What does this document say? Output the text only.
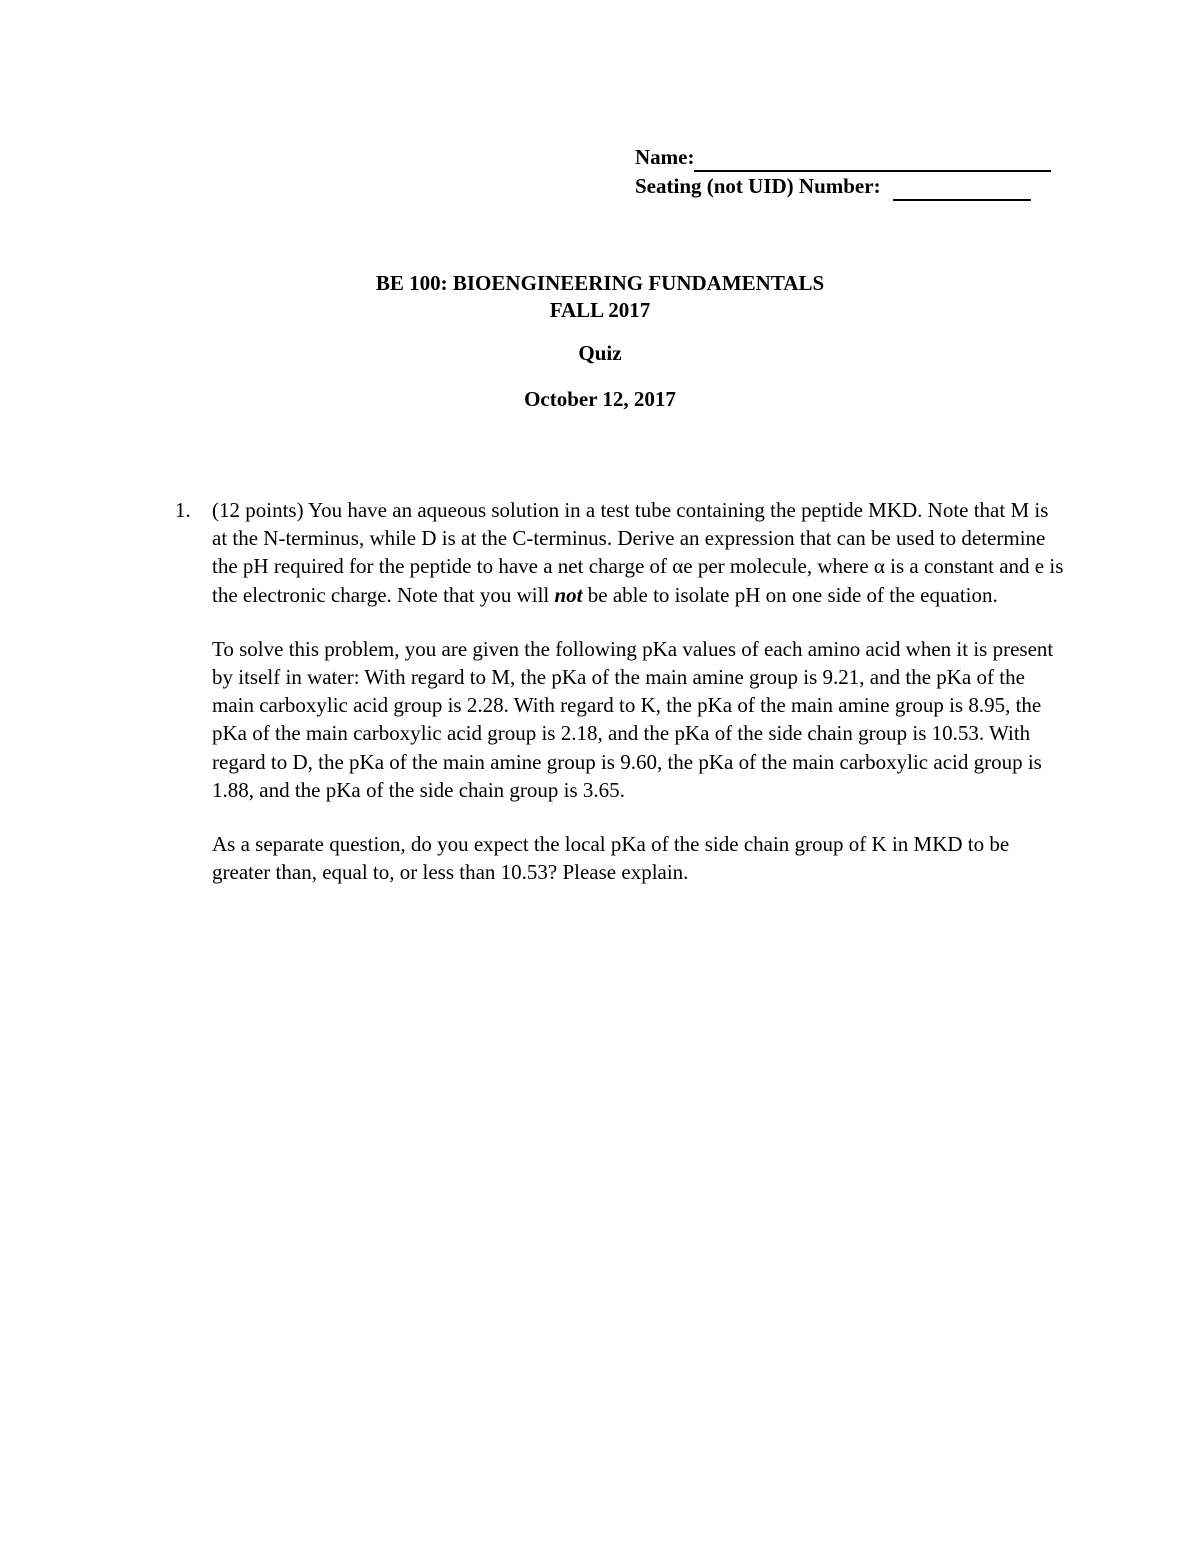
Name:
Seating (not UID) Number:
BE 100: BIOENGINEERING FUNDAMENTALS
FALL 2017
Quiz
October 12, 2017
1.	(12 points) You have an aqueous solution in a test tube containing the peptide MKD. Note that M is at the N-terminus, while D is at the C-terminus. Derive an expression that can be used to determine the pH required for the peptide to have a net charge of αe per molecule, where α is a constant and e is the electronic charge. Note that you will not be able to isolate pH on one side of the equation.

To solve this problem, you are given the following pKa values of each amino acid when it is present by itself in water: With regard to M, the pKa of the main amine group is 9.21, and the pKa of the main carboxylic acid group is 2.28. With regard to K, the pKa of the main amine group is 8.95, the pKa of the main carboxylic acid group is 2.18, and the pKa of the side chain group is 10.53. With regard to D, the pKa of the main amine group is 9.60, the pKa of the main carboxylic acid group is 1.88, and the pKa of the side chain group is 3.65.

As a separate question, do you expect the local pKa of the side chain group of K in MKD to be greater than, equal to, or less than 10.53? Please explain.
